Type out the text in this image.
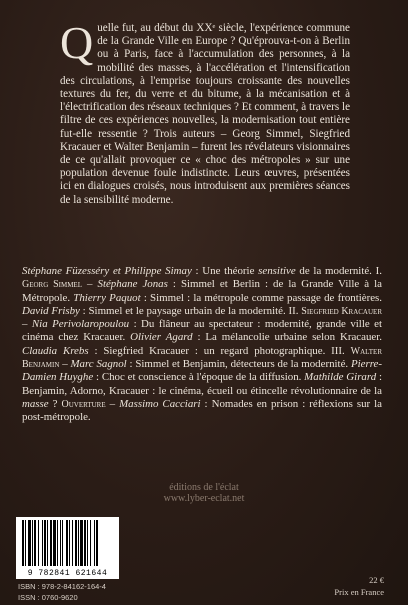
Quelle fut, au début du XXᵉ siècle, l'expérience commune de la Grande Ville en Europe ? Qu'éprouva-t-on à Berlin ou à Paris, face à l'accumulation des personnes, à la mobilité des masses, à l'accélération et l'intensification des circulations, à l'emprise toujours croissante des nouvelles textures du fer, du verre et du bitume, à la mécanisation et à l'électrification des réseaux techniques ? Et comment, à travers le filtre de ces expériences nouvelles, la modernisation tout entière fut-elle ressentie ? Trois auteurs – Georg Simmel, Siegfried Kracauer et Walter Benjamin – furent les révélateurs visionnaires de ce qu'allait provoquer ce « choc des métropoles » sur une population devenue foule indistincte. Leurs œuvres, présentées ici en dialogues croisés, nous introduisent aux premières séances de la sensibilité moderne.
Stéphane Füzesséry et Philippe Simay : Une théorie sensitive de la modernité. I. Georg Simmel – Stéphane Jonas : Simmel et Berlin : de la Grande Ville à la Métropole. Thierry Paquot : Simmel : la métropole comme passage de frontières. David Frisby : Simmel et le paysage urbain de la modernité. II. Siegfried Kracauer – Nia Perivolaropoulou : Du flâneur au spectateur : modernité, grande ville et cinéma chez Kracauer. Olivier Agard : La mélancolie urbaine selon Kracauer. Claudia Krebs : Siegfried Kracauer : un regard photographique. III. Walter Benjamin – Marc Sagnol : Simmel et Benjamin, détecteurs de la modernité. Pierre-Damien Huyghe : Choc et conscience à l'époque de la diffusion. Mathilde Girard : Benjamin, Adorno, Kracauer : le cinéma, écueil ou étincelle révolutionnaire de la masse ? Ouverture – Massimo Cacciari : Nomades en prison : réflexions sur la post-métropole.
éditions de l'éclat
www.lyber-eclat.net
9 782841 621644
ISBN : 978-2-84162-164-4
ISSN : 0760-9620
22 €
Prix en France
